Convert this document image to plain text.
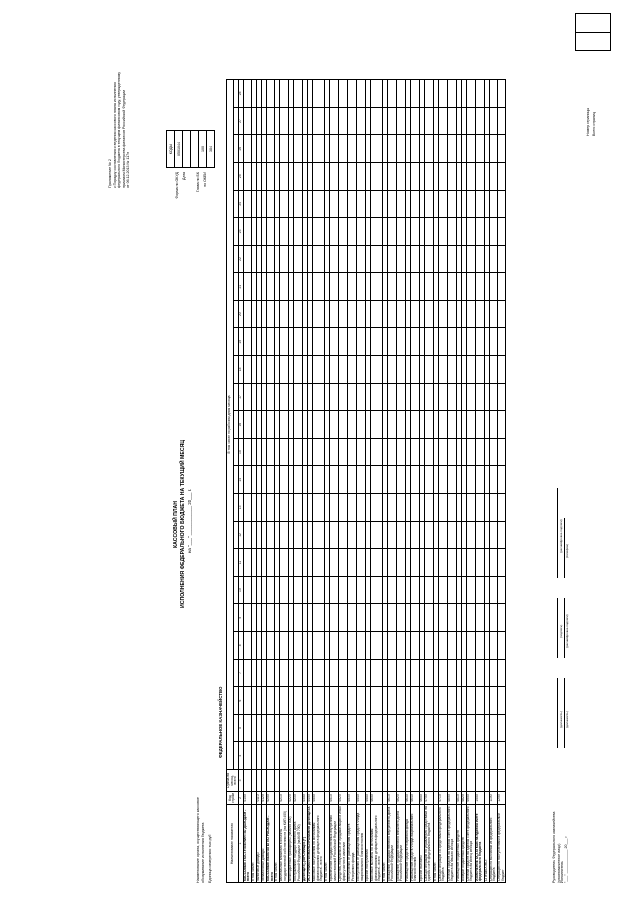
Номер страницы Всего страниц
Приложение № 2 к Порядку составления и ведения кассового плана исполнения федерального бюджета в текущем финансовом году, утвержденному приказом Министерства финансов Российской Федерации от 06.12.2013 № 117н
КАССОВЫЙ ПЛАН ИСПОЛНЕНИЯ ФЕДЕРАЛЬНОГО БЮДЖЕТА НА ТЕКУЩИЙ МЕСЯЦ на "___" ____________ 20___ г.
Наименование органа, осуществляющего кассовое обслуживание исполнения бюджета Единица измерения: тыс.руб
ФЕДЕРАЛЬНОЕ КАЗНАЧЕЙСТВО
Форма по ОКУД Дата	Глава по БК по ОКЕИ
КОДЫ
0501044

100
384
Наименование показателя	Код строки	Сумма на месяц, всего	В том числе по рабочим дням месяца																								

1	2	3	4	5	6	7	8	9	10	11	12	13	14	15	16	17	18	19	20	21	22	23	24	25	26	27	28
КАССОВЫЕ ПОСТУПЛЕНИЯ ПО ДОХОДАМ - всего	0100																										
в том числе:																											
налоговые доходы	0110																										
неналоговые доходы	0120																										
КАССОВЫЕ ВЫПЛАТЫ ПО РАСХОДАМ - всего	0200																										
в том числе:																											
капитальные вложения в объекты государственной собственности (на КИП 400)	0210																										
межбюджетные трансферты (на КИП 500)	0220																										
обслуживание государственного долга Российской Федерации (на КИП 700)	0230																										
ДЕФИЦИТ(-)/ПРОФИЦИТ(+)	0300																										
ИСТОЧНИКИ ФИНАНСИРОВАНИЯ ДЕФИЦИТА	0400																										
Кассовые поступления по источникам финансирования дефицита федерального бюджета - всего	0500																										
в том числе:																											
Привлечение государственных внутренних заимствований Российской Федерации	0510																										
Средства, получаемые от продажи акций и иных форм участия в капитале	0520																										
Поступления от размещения средств Резервного фонда	0530																										
Поступления от размещения средств Фонда национального благосостояния	0540																										
Прочие поступления	0550																										
Кассовые выплаты по источникам финансирования дефицита федерального бюджета - всего	0600																										
в том числе:																											
Погашение государственного внутреннего долга Российской Федерации	0610																										
Погашение государственного внешнего долга Российской Федерации	0620																										
Размещение средств Резервного фонда	0630																										
Размещение средств Фонда национального благосостояния	0640																										
Прочие выплаты	0650																										
Сальдо операций по управлению средствами на едином счете федерального бюджета	0700																										
в том числе:																											
Сальдо операций со средствами федерального бюджета	0710																										
Остатки средств на едином счете федерального бюджета на начало месяца	0800																										
Размещение бюджетных средств	0810																										
Возврат бюджетных средств	0820																										
Остатки средств на едином счете федерального бюджета на конец месяца	0900																										
ИЗМЕНЕНИЕ ОСТАТКОВ на едином счете федерального бюджета	1000																										
СПРАВОЧНО:																											
Операции по выплатам из федерального бюджета	1100																										
Операции по поступлениям в федеральный бюджет	1200																										
Руководитель Федерального казначейства (уполномоченное лицо)
(должность)
(подпись)
(расшифровка подписи)
Исполнитель
(должность)
(расшифровка подписи)
(телефон)
"___" ____________ 20___ г.
